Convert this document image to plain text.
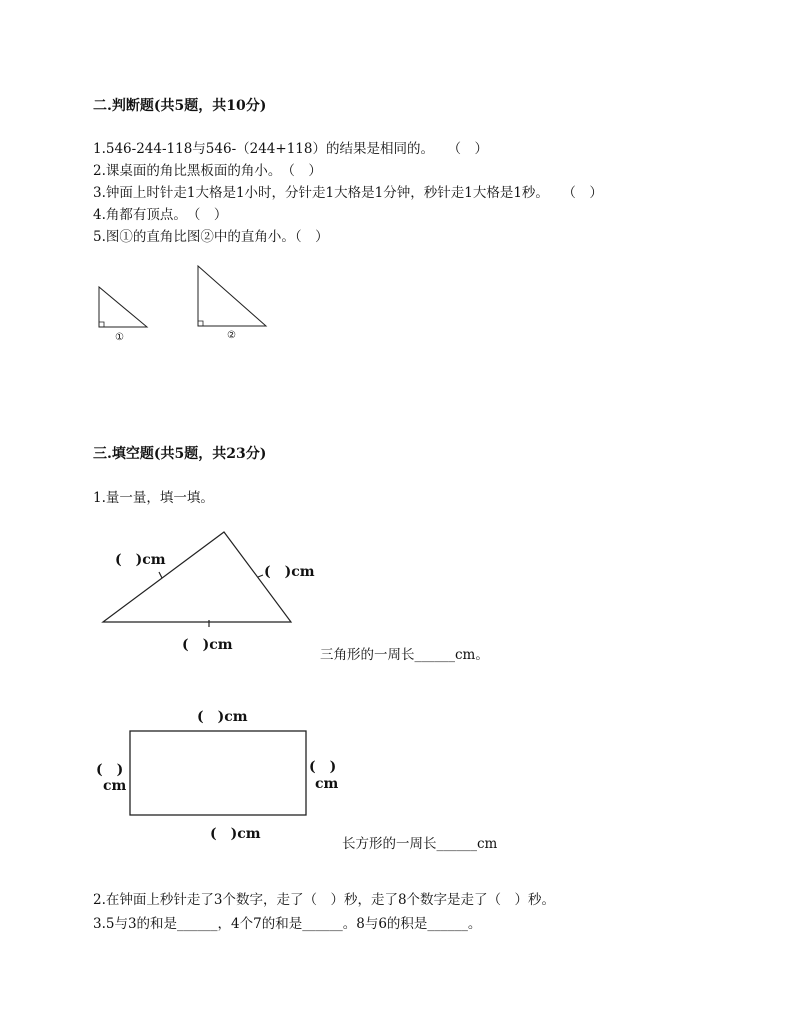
二.判断题(共5题，共10分)
1.546-244-118与546-（244+118）的结果是相同的。　　（　）
2.课桌面的角比黑板面的角小。　（　）
3.钟面上时针走1大格是1小时，分针走1大格是1分钟，秒针走1大格是1秒。　　（　）
4.角都有顶点。　（　）
5.图①的直角比图②中的直角小。（　）
①	②
三.填空题(共5题，共23分)
1.量一量，填一填。
(　)cm
(　)cm
(　)cm
三角形的一周长______cm。
(　)cm
(　)
cm
(　)
cm
(　)cm
长方形的一周长______cm
2.在钟面上秒针走了3个数字，走了（　）秒，走了8个数字是走了（　）秒。
3.5与3的和是______，4个7的和是______。8与6的积是______。
